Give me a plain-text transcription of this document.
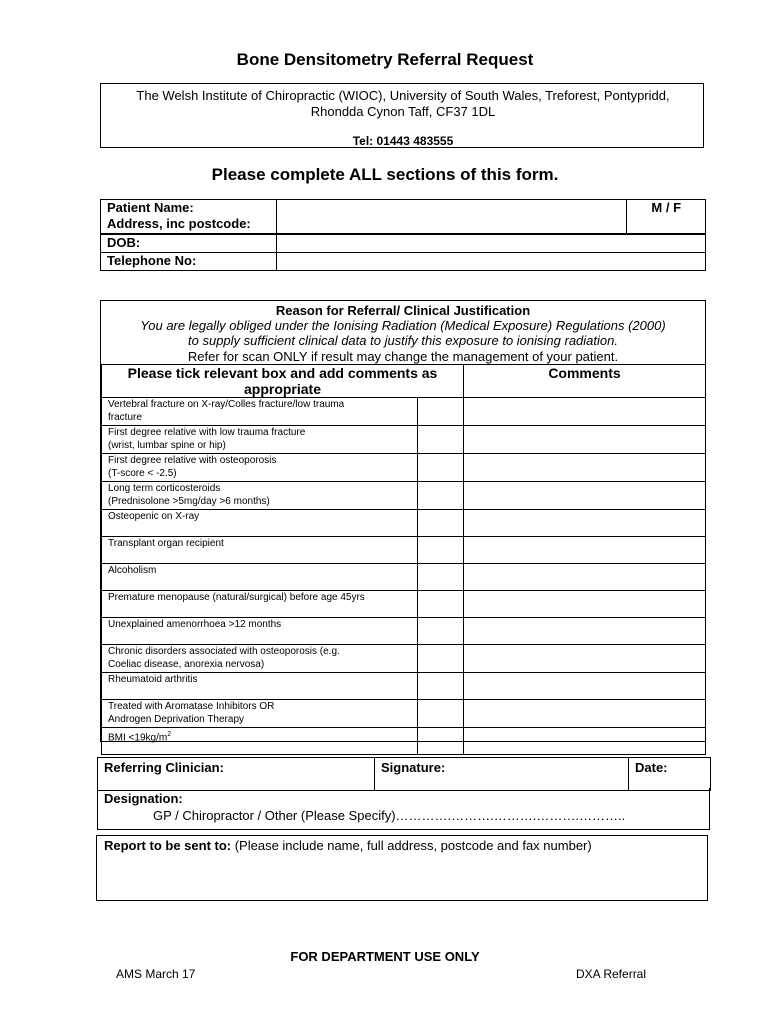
Bone Densitometry Referral Request
The Welsh Institute of Chiropractic (WIOC), University of South Wales, Treforest, Pontypridd,
Rhondda Cynon Taff, CF37 1DL
Tel: 01443 483555
Please complete ALL sections of this form.
Patient Name:
Address, inc postcode:		M / F

DOB:		
Telephone No:		
Reason for Referral/ Clinical Justification
You are legally obliged under the Ionising Radiation (Medical Exposure) Regulations (2000)
to supply sufficient clinical data to justify this exposure to ionising radiation.
Refer for scan ONLY if result may change the management of your patient.
Please tick relevant box and add comments as
appropriate		Comments
Vertebral fracture on X-ray/Colles fracture/low trauma
fracture		
First degree relative with low trauma fracture
(wrist, lumbar spine or hip)		
First degree relative with osteoporosis
(T-score < -2.5)		
Long term corticosteroids
(Prednisolone >5mg/day >6 months)		
Osteopenic on X-ray		
Transplant organ recipient		
Alcoholism		
Premature menopause (natural/surgical) before age 45yrs		
Unexplained amenorrhoea >12 months		
Chronic disorders associated with osteoporosis (e.g.
Coeliac disease, anorexia nervosa)		
Rheumatoid arthritis		
Treated with Aromatase Inhibitors OR
Androgen Deprivation Therapy		
BMI $<19kg/m^2$		
Referring Clinician:	Signature:	Date:
Designation:
GP / Chiropractor / Other (Please Specify)………….……….……….……….………..
Report to be sent to: (Please include name, full address, postcode and fax number)
FOR DEPARTMENT USE ONLY
AMS March 17	DXA Referral
